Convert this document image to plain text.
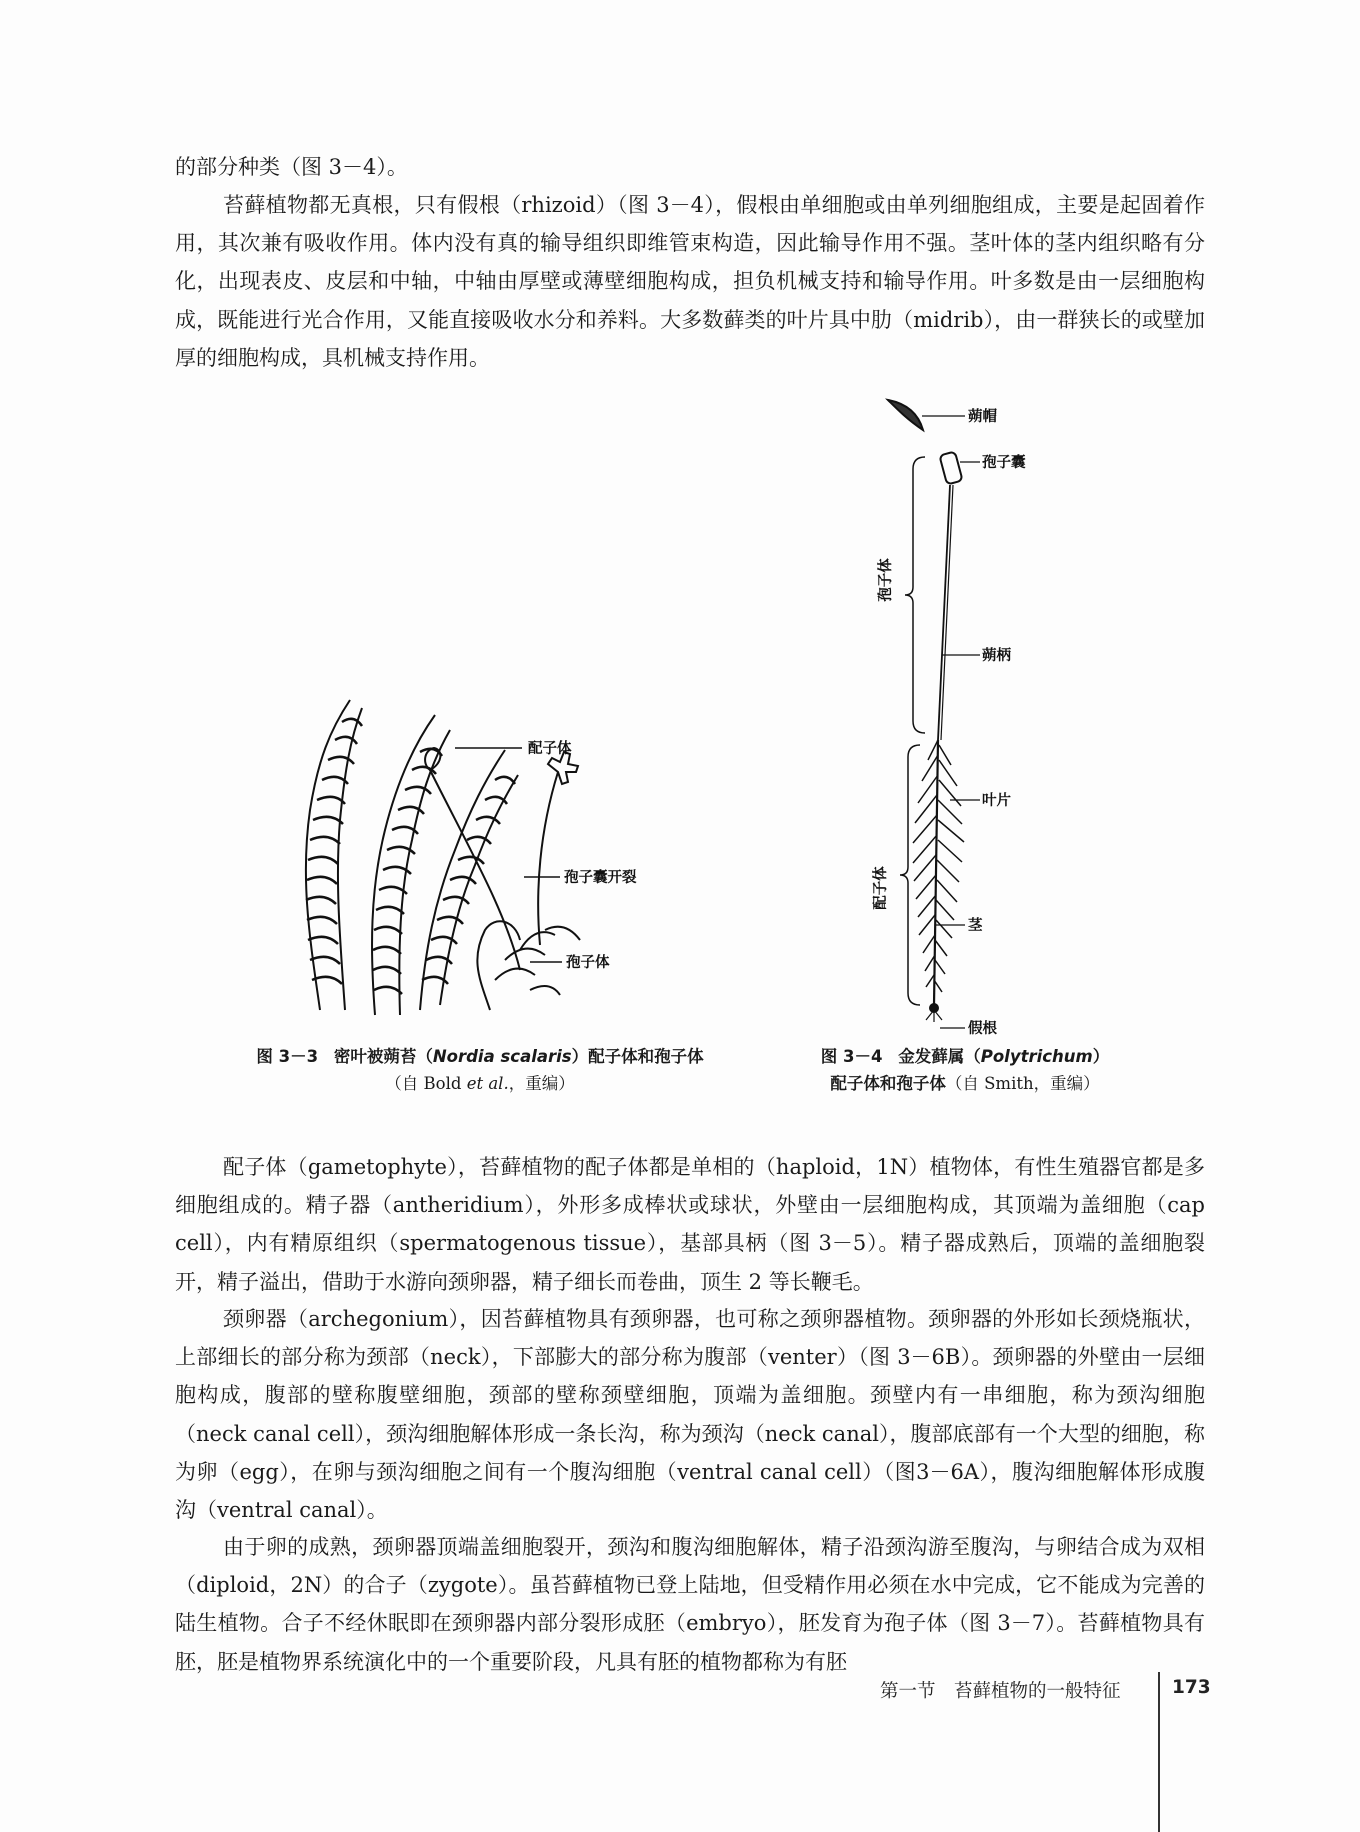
的部分种类（图 3－4）。

苔藓植物都无真根，只有假根（rhizoid）（图 3－4），假根由单细胞或由单列细胞组成，主要是起固着作用，其次兼有吸收作用。体内没有真的输导组织即维管束构造，因此输导作用不强。茎叶体的茎内组织略有分化，出现表皮、皮层和中轴，中轴由厚壁或薄壁细胞构成，担负机械支持和输导作用。叶多数是由一层细胞构成，既能进行光合作用，又能直接吸收水分和养料。大多数藓类的叶片具中肋（midrib），由一群狭长的或壁加厚的细胞构成，具机械支持作用。

配子体
孢子囊开裂
孢子体
图 3－3 密叶被蒴苔（Nordia scalaris）配子体和孢子体
（自 Bold et al.，重编）
蒴帽
孢子囊
蒴柄
叶片
茎
假根
孢子体
配子体
图 3－4 金发藓属（Polytrichum）
配子体和孢子体（自 Smith，重编）

配子体（gametophyte），苔藓植物的配子体都是单相的（haploid，1N）植物体，有性生殖器官都是多细胞组成的。精子器（antheridium），外形多成棒状或球状，外壁由一层细胞构成，其顶端为盖细胞（cap cell），内有精原组织（spermatogenous tissue），基部具柄（图 3－5）。精子器成熟后，顶端的盖细胞裂开，精子溢出，借助于水游向颈卵器，精子细长而卷曲，顶生 2 等长鞭毛。

颈卵器（archegonium），因苔藓植物具有颈卵器，也可称之颈卵器植物。颈卵器的外形如长颈烧瓶状，上部细长的部分称为颈部（neck），下部膨大的部分称为腹部（venter）（图 3－6B）。颈卵器的外壁由一层细胞构成，腹部的壁称腹壁细胞，颈部的壁称颈壁细胞，顶端为盖细胞。颈壁内有一串细胞，称为颈沟细胞（neck canal cell），颈沟细胞解体形成一条长沟，称为颈沟（neck canal），腹部底部有一个大型的细胞，称为卵（egg），在卵与颈沟细胞之间有一个腹沟细胞（ventral canal cell）（图3－6A），腹沟细胞解体形成腹沟（ventral canal）。

由于卵的成熟，颈卵器顶端盖细胞裂开，颈沟和腹沟细胞解体，精子沿颈沟游至腹沟，与卵结合成为双相（diploid，2N）的合子（zygote）。虽苔藓植物已登上陆地，但受精作用必须在水中完成，它不能成为完善的陆生植物。合子不经休眠即在颈卵器内部分裂形成胚（embryo），胚发育为孢子体（图 3－7）。苔藓植物具有胚，胚是植物界系统演化中的一个重要阶段，凡具有胚的植物都称为有胚

第一节　苔藓植物的一般特征	173
